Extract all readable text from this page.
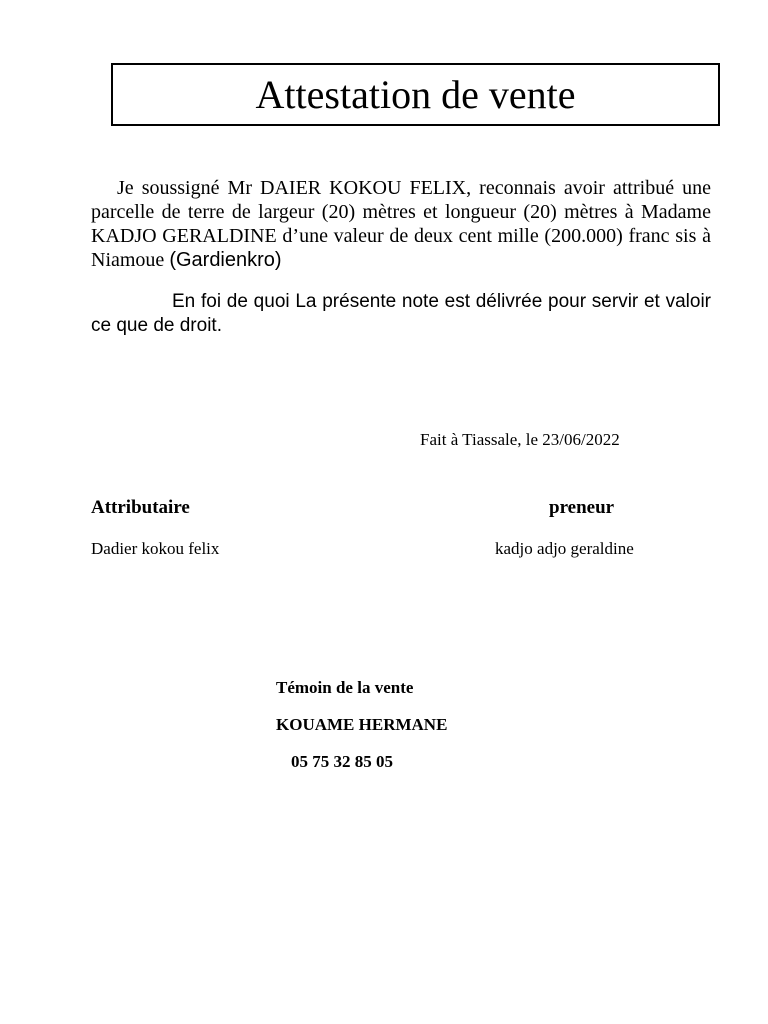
Attestation de vente

Je soussigné Mr DAIER KOKOU FELIX, reconnais avoir attribué une parcelle de terre de largeur (20) mètres et longueur (20) mètres à Madame KADJO GERALDINE d’une valeur de deux cent mille (200.000) franc sis à Niamoue (Gardienkro)

En foi de quoi La présente note est délivrée pour servir et valoir ce que de droit.

Fait à Tiassale, le 23/06/2022
Attributaire	preneur
Dadier kokou felix	kadjo adjo geraldine
Témoin de la vente
KOUAME HERMANE
05 75 32 85 05
